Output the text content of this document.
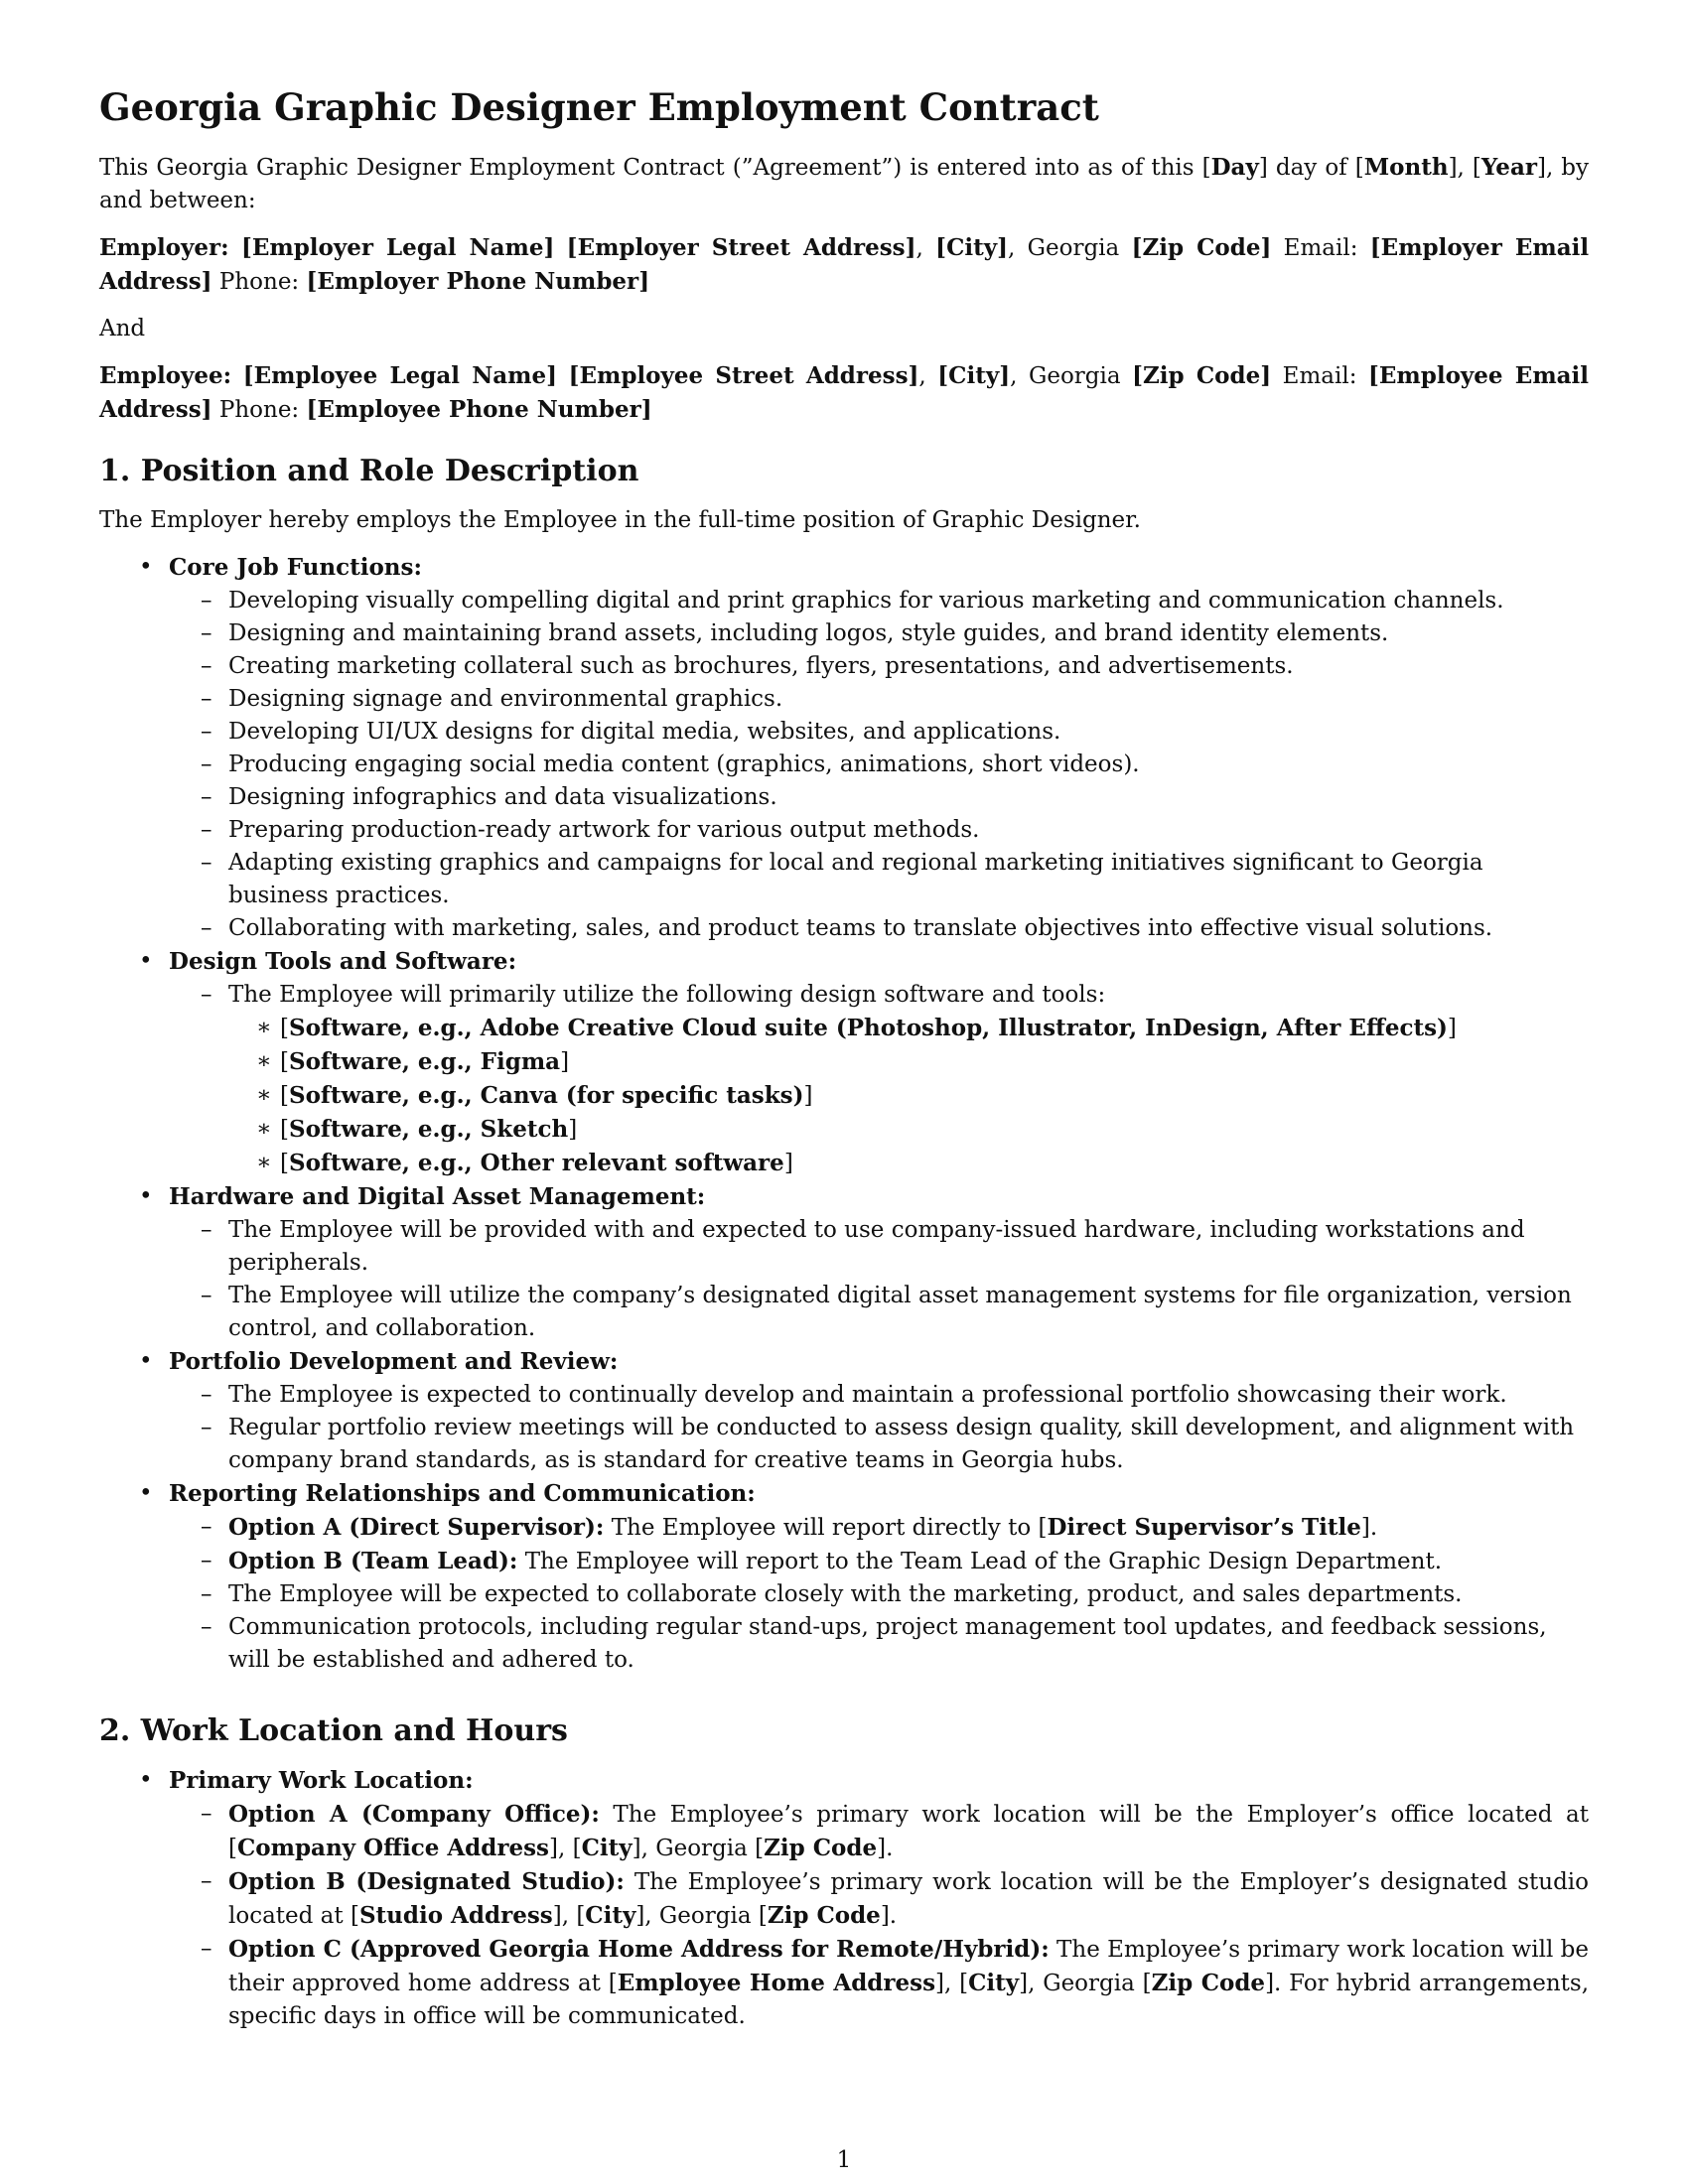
Georgia Graphic Designer Employment Contract

This Georgia Graphic Designer Employment Contract (”Agreement”) is entered into as of this [Day] day of [Month], [Year], by and between:

Employer: [Employer Legal Name] [Employer Street Address], [City], Georgia [Zip Code] Email: [Employer Email Address] Phone: [Employer Phone Number]

And

Employee: [Employee Legal Name] [Employee Street Address], [City], Georgia [Zip Code] Email: [Employee Email Address] Phone: [Employee Phone Number]

1. Position and Role Description

The Employer hereby employs the Employee in the full-time position of Graphic Designer.

• Core Job Functions:
– Developing visually compelling digital and print graphics for various marketing and communication channels.
– Designing and maintaining brand assets, including logos, style guides, and brand identity elements.
– Creating marketing collateral such as brochures, flyers, presentations, and advertisements.
– Designing signage and environmental graphics.
– Developing UI/UX designs for digital media, websites, and applications.
– Producing engaging social media content (graphics, animations, short videos).
– Designing infographics and data visualizations.
– Preparing production-ready artwork for various output methods.
– Adapting existing graphics and campaigns for local and regional marketing initiatives significant to Georgia business practices.
– Collaborating with marketing, sales, and product teams to translate objectives into effective visual solutions.
• Design Tools and Software:
– The Employee will primarily utilize the following design software and tools:
∗ [Software, e.g., Adobe Creative Cloud suite (Photoshop, Illustrator, InDesign, After Effects)]
∗ [Software, e.g., Figma]
∗ [Software, e.g., Canva (for specific tasks)]
∗ [Software, e.g., Sketch]
∗ [Software, e.g., Other relevant software]
• Hardware and Digital Asset Management:
– The Employee will be provided with and expected to use company-issued hardware, including workstations and peripherals.
– The Employee will utilize the company’s designated digital asset management systems for file organization, version control, and collaboration.
• Portfolio Development and Review:
– The Employee is expected to continually develop and maintain a professional portfolio showcasing their work.
– Regular portfolio review meetings will be conducted to assess design quality, skill development, and alignment with company brand standards, as is standard for creative teams in Georgia hubs.
• Reporting Relationships and Communication:
– Option A (Direct Supervisor): The Employee will report directly to [Direct Supervisor’s Title].
– Option B (Team Lead): The Employee will report to the Team Lead of the Graphic Design Department.
– The Employee will be expected to collaborate closely with the marketing, product, and sales departments.
– Communication protocols, including regular stand-ups, project management tool updates, and feedback sessions, will be established and adhered to.
2. Work Location and Hours
• Primary Work Location:
– Option A (Company Office): The Employee’s primary work location will be the Employer’s office located at [Company Office Address], [City], Georgia [Zip Code].
– Option B (Designated Studio): The Employee’s primary work location will be the Employer’s designated studio located at [Studio Address], [City], Georgia [Zip Code].
– Option C (Approved Georgia Home Address for Remote/Hybrid): The Employee’s primary work location will be their approved home address at [Employee Home Address], [City], Georgia [Zip Code]. For hybrid arrangements, specific days in office will be communicated.
1
